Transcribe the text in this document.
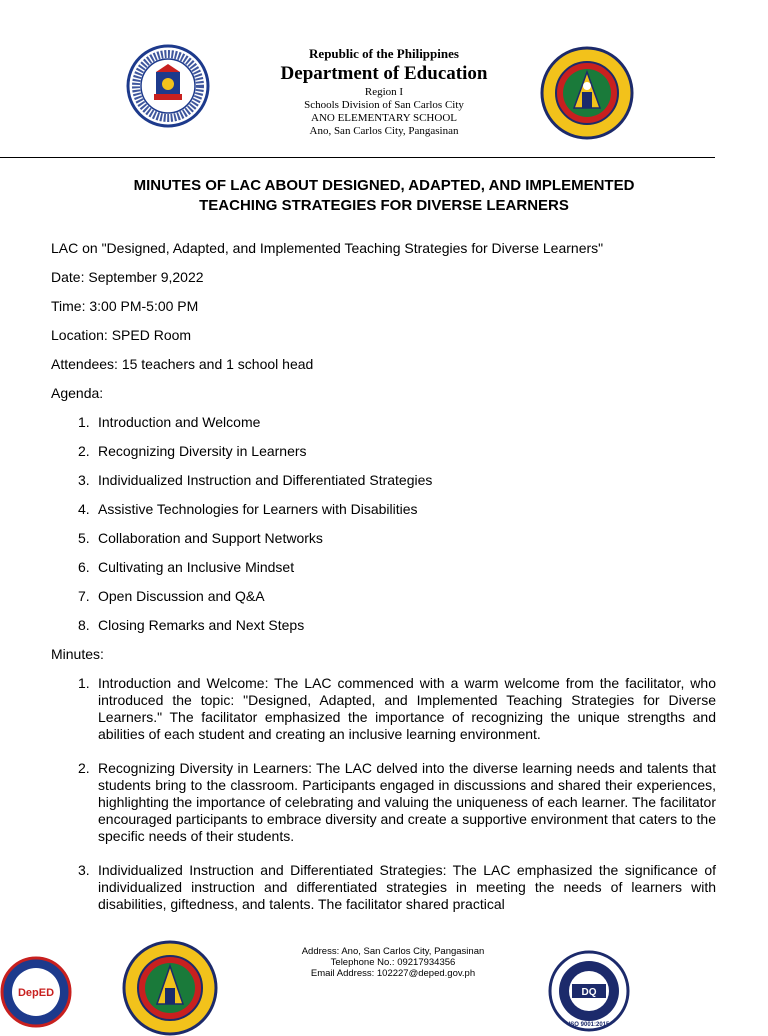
Republic of the Philippines
Department of Education
Region I
Schools Division of San Carlos City
ANO ELEMENTARY SCHOOL
Ano, San Carlos City, Pangasinan
MINUTES OF LAC ABOUT DESIGNED, ADAPTED, AND IMPLEMENTED
TEACHING STRATEGIES FOR DIVERSE LEARNERS
LAC on "Designed, Adapted, and Implemented Teaching Strategies for Diverse Learners"
Date: September 9,2022
Time: 3:00 PM-5:00 PM
Location: SPED Room
Attendees: 15 teachers and 1 school head
Agenda:
1. Introduction and Welcome
2. Recognizing Diversity in Learners
3. Individualized Instruction and Differentiated Strategies
4. Assistive Technologies for Learners with Disabilities
5. Collaboration and Support Networks
6. Cultivating an Inclusive Mindset
7. Open Discussion and Q&A
8. Closing Remarks and Next Steps
Minutes:
1. Introduction and Welcome: The LAC commenced with a warm welcome from the facilitator, who introduced the topic: "Designed, Adapted, and Implemented Teaching Strategies for Diverse Learners." The facilitator emphasized the importance of recognizing the unique strengths and abilities of each student and creating an inclusive learning environment.
2. Recognizing Diversity in Learners: The LAC delved into the diverse learning needs and talents that students bring to the classroom. Participants engaged in discussions and shared their experiences, highlighting the importance of celebrating and valuing the uniqueness of each learner. The facilitator encouraged participants to embrace diversity and create a supportive environment that caters to the specific needs of their students.
3. Individualized Instruction and Differentiated Strategies: The LAC emphasized the significance of individualized instruction and differentiated strategies in meeting the needs of learners with disabilities, giftedness, and talents. The facilitator shared practical
DepED
Address: Ano, San Carlos City, Pangasinan
Telephone No.: 09217934356
Email Address: 102227@deped.gov.ph
DQ
ISO 9001:2015
